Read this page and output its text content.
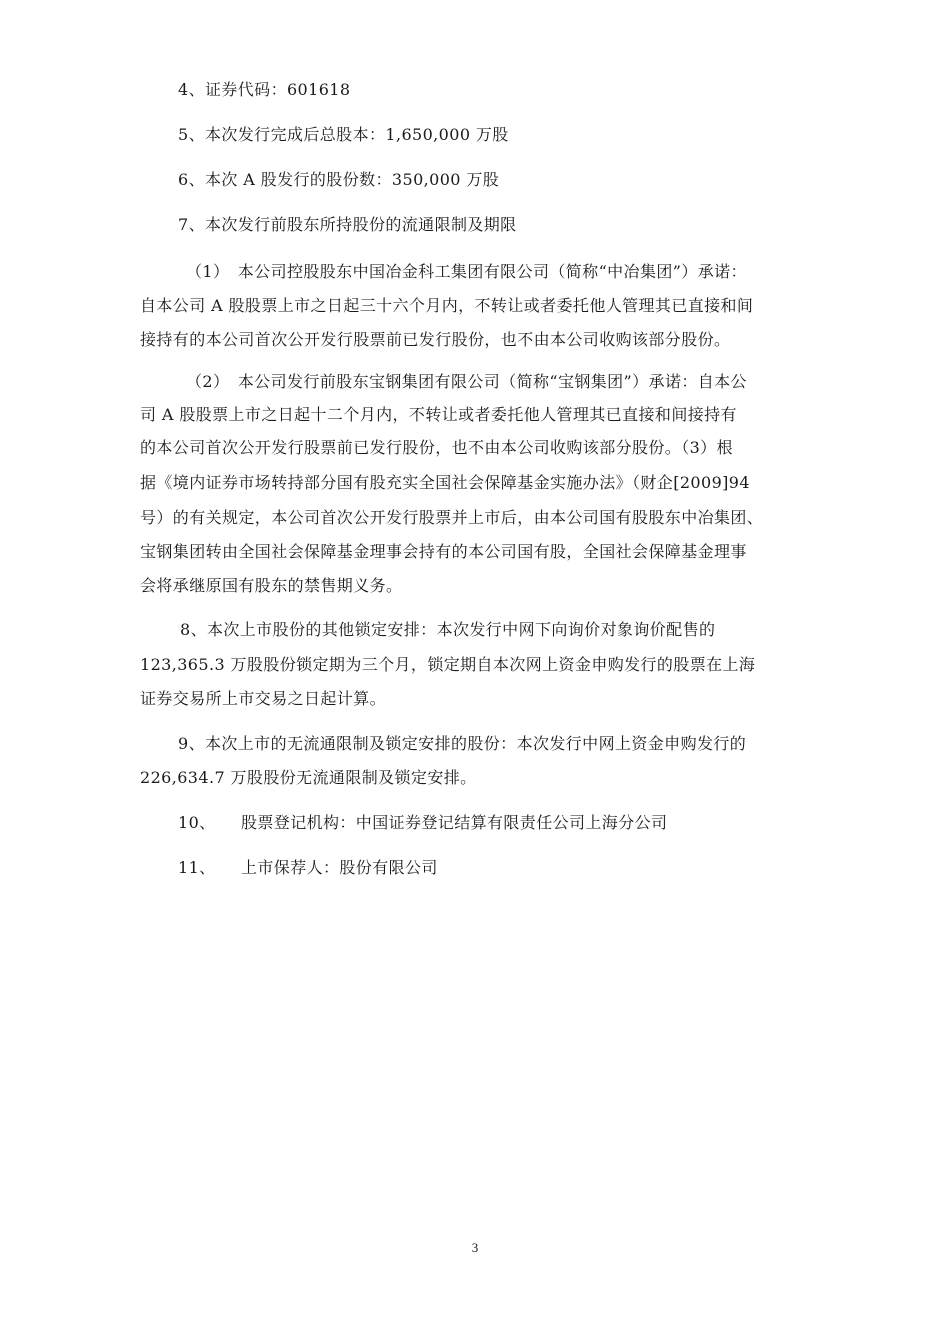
4、证券代码：601618
5、本次发行完成后总股本：1,650,000 万股
6、本次 A 股发行的股份数：350,000 万股
7、本次发行前股东所持股份的流通限制及期限
（1）　本公司控股股东中国冶金科工集团有限公司（简称“中冶集团”）承诺：
自本公司 A 股股票上市之日起三十六个月内，不转让或者委托他人管理其已直接和间
接持有的本公司首次公开发行股票前已发行股份，也不由本公司收购该部分股份。
（2）　本公司发行前股东宝钢集团有限公司（简称“宝钢集团”）承诺：自本公
司 A 股股票上市之日起十二个月内，不转让或者委托他人管理其已直接和间接持有
的本公司首次公开发行股票前已发行股份，也不由本公司收购该部分股份。（3）根
据《境内证券市场转持部分国有股充实全国社会保障基金实施办法》（财企[2009]94
号）的有关规定，本公司首次公开发行股票并上市后，由本公司国有股股东中冶集团、
宝钢集团转由全国社会保障基金理事会持有的本公司国有股，全国社会保障基金理事
会将承继原国有股东的禁售期义务。
8、本次上市股份的其他锁定安排：本次发行中网下向询价对象询价配售的
123,365.3 万股股份锁定期为三个月，锁定期自本次网上资金申购发行的股票在上海
证券交易所上市交易之日起计算。
9、本次上市的无流通限制及锁定安排的股份：本次发行中网上资金申购发行的
226,634.7 万股股份无流通限制及锁定安排。
10、 股票登记机构：中国证券登记结算有限责任公司上海分公司
11、 上市保荐人：股份有限公司
3
